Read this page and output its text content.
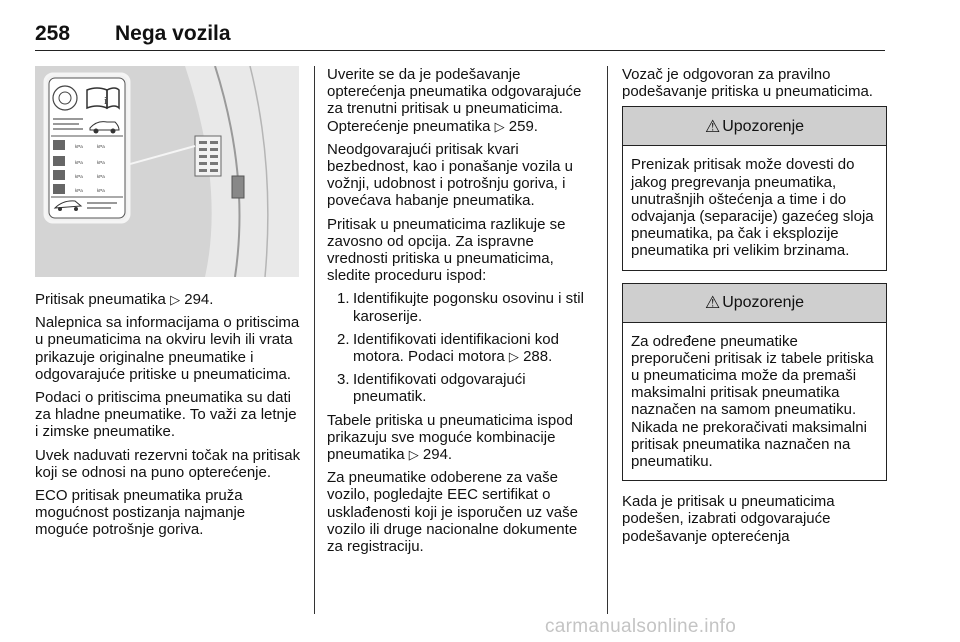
258 Nega vozila
i
kPa
kPa
kPa
kPa
kPa
kPa
kPa
kPa

Pritisak pneumatika ▷ 294.

Nalepnica sa informacijama o pritiscima u pneumaticima na okviru levih ili vrata prikazuje originalne pneumatike i odgovarajuće pritiske u pneumaticima.

Podaci o pritiscima pneumatika su dati za hladne pneumatike. To važi za letnje i zimske pneumatike.

Uvek naduvati rezervni točak na pritisak koji se odnosi na puno opterećenje.

ECO pritisak pneumatika pruža mogućnost postizanja najmanje moguće potrošnje goriva.

Uverite se da je podešavanje opterećenja pneumatika odgovarajuće za trenutni pritisak u pneumaticima. Opterećenje pneumatika ▷ 259.

Neodgovarajući pritisak kvari bezbednost, kao i ponašanje vozila u vožnji, udobnost i potrošnju goriva, i povećava habanje pneumatika.

Pritisak u pneumaticima razlikuje se zavosno od opcija. Za ispravne vrednosti pritiska u pneumaticima, sledite proceduru ispod:

1. Identifikujte pogonsku osovinu i stil karoserije.
2. Identifikovati identifikacioni kod motora. Podaci motora ▷ 288.
3. Identifikovati odgovarajući pneumatik.

Tabele pritiska u pneumaticima ispod prikazuju sve moguće kombinacije pneumatika ▷ 294.

Za pneumatike odoberene za vaše vozilo, pogledajte EEC sertifikat o usklađenosti koji je isporučen uz vaše vozilo ili druge nacionalne dokumente za registraciju.

Vozač je odgovoran za pravilno podešavanje pritiska u pneumaticima.

⚠ Upozorenje
Prenizak pritisak može dovesti do jakog pregrevanja pneumatika, unutrašnjih oštećenja a time i do odvajanja (separacije) gazećeg sloja pneumatika, pa čak i eksplozije pneumatika pri velikim brzinama.
⚠ Upozorenje
Za određene pneumatike preporučeni pritisak iz tabele pritiska u pneumaticima može da premaši maksimalni pritisak pneumatika naznačen na samom pneumatiku. Nikada ne prekoračivati maksimalni pritisak pneumatika naznačen na pneumatiku.

Kada je pritisak u pneumaticima podešen, izabrati odgovarajuće podešavanje opterećenja

carmanualsonline.info
